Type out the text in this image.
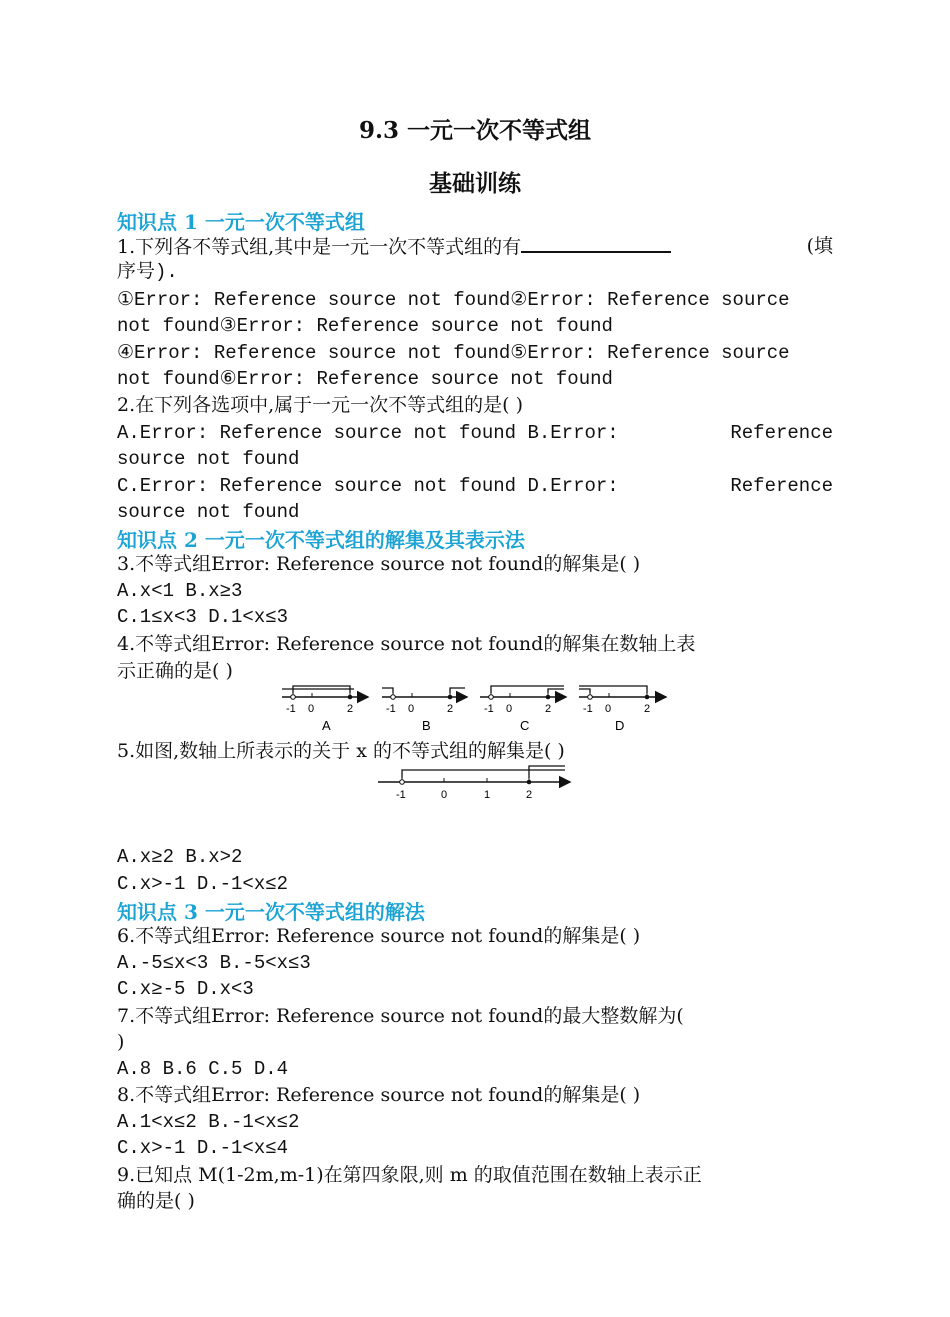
9.3 一元一次不等式组
基础训练
知识点 1 一元一次不等式组
1.下列各不等式组,其中是一元一次不等式组的有	(填
序号).
①Error: Reference source not found②Error: Reference source
not found③Error: Reference source not found
④Error: Reference source not found⑤Error: Reference source
not found⑥Error: Reference source not found
2.在下列各选项中,属于一元一次不等式组的是( )
A.Error: Reference source not found B.Error:	Reference
source not found
C.Error: Reference source not found D.Error:	Reference
source not found
知识点 2 一元一次不等式组的解集及其表示法
3.不等式组Error: Reference source not found的解集是( )
A.x<1 B.x≥3
C.1≤x<3 D.1<x≤3
4.不等式组Error: Reference source not found的解集在数轴上表
示正确的是( )
-1 0	2
A
-1 0	2
B
-1 0	2
C
-1 0	2
D
5.如图,数轴上所表示的关于 x 的不等式组的解集是( )
-1	0	1	2
A.x≥2 B.x>2
C.x>-1 D.-1<x≤2
知识点 3 一元一次不等式组的解法
6.不等式组Error: Reference source not found的解集是( )
A.-5≤x<3 B.-5<x≤3
C.x≥-5 D.x<3
7.不等式组Error: Reference source not found的最大整数解为(
)
A.8 B.6 C.5 D.4
8.不等式组Error: Reference source not found的解集是( )
A.1<x≤2 B.-1<x≤2
C.x>-1 D.-1<x≤4
9.已知点 M(1-2m,m-1)在第四象限,则 m 的取值范围在数轴上表示正
确的是( )
